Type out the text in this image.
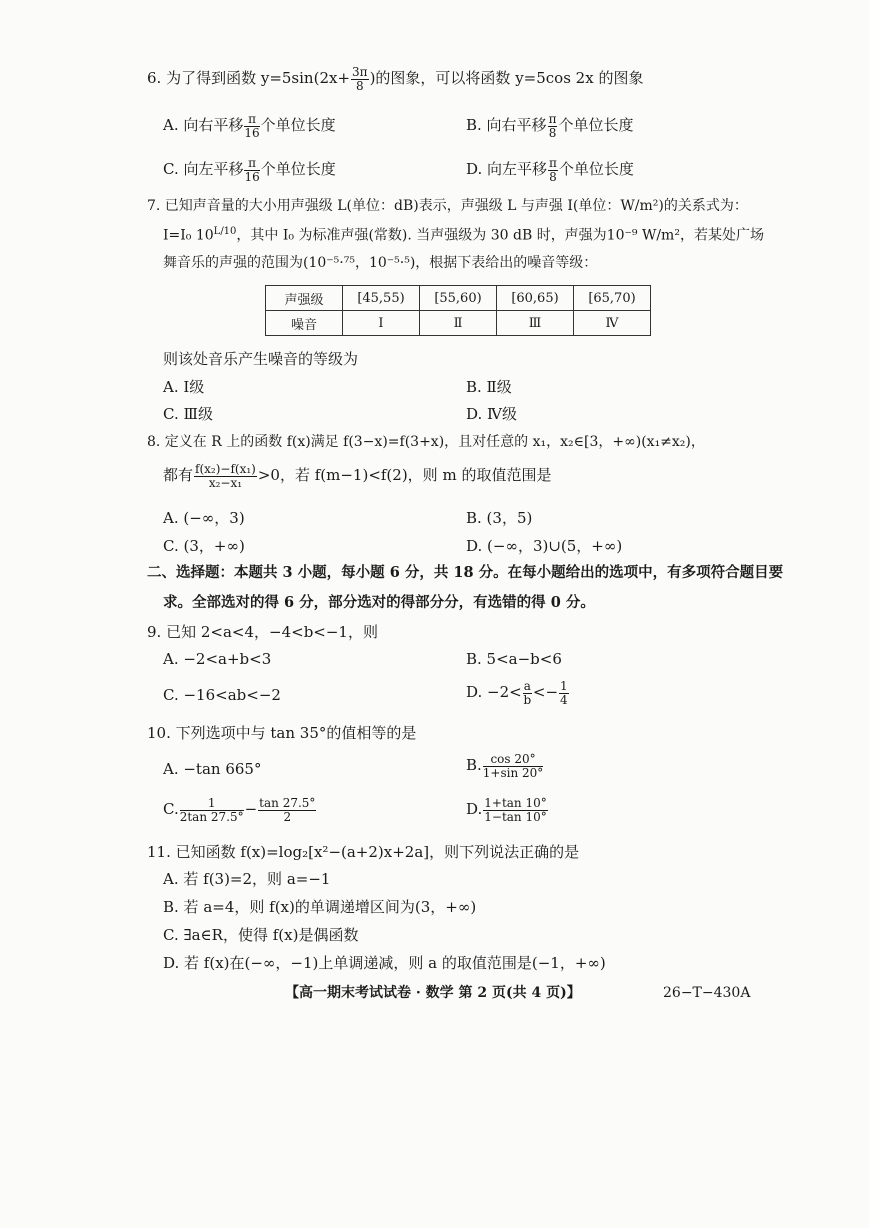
6. 为了得到函数 $y=5\sin(2x+ \frac{3\pi}{8}$ )的图象，可以将函数 y=5cos 2x 的图象
A. 向右平移 $\frac{\pi}{16}$ 个单位长度	B. 向右平移 $\frac{\pi}{8}$ 个单位长度
C. 向左平移 $\frac{\pi}{16}$ 个单位长度	D. 向左平移 $\frac{\pi}{8}$ 个单位长度
7. 已知声音量的大小用声强级 L(单位：dB)表示，声强级 L 与声强 I(单位：W/m²)的关系式为：
I=I₀ $10^{L/10}$，其中 I₀ 为标准声强(常数). 当声强级为 30 dB 时，声强为10⁻⁹ W/m²，若某处广场
舞音乐的声强的范围为(10⁻⁵·⁷⁵，10⁻⁵·⁵)，根据下表给出的噪音等级：
声强级	[45,55)	[55,60)	[60,65)	[65,70)
噪音	Ⅰ	Ⅱ	Ⅲ	Ⅳ
则该处音乐产生噪音的等级为
A. Ⅰ级	B. Ⅱ级
C. Ⅲ级	D. Ⅳ级
8. 定义在 R 上的函数 f(x)满足 f(3−x)=f(3+x)，且对任意的 x₁，x₂∈[3，+∞)(x₁≠x₂)，
都有 $\frac{\text{f(x₂)−f(x₁)}}{\text{x₂−x₁}} >0$，若 f(m−1)<f(2)，则 m 的取值范围是
A. (−∞，3)	B. (3，5)
C. (3，+∞)	D. (−∞，3)∪(5，+∞)
二、选择题：本题共 3 小题，每小题 6 分，共 18 分。在每小题给出的选项中，有多项符合题目要
求。全部选对的得 6 分，部分选对的得部分分，有选错的得 0 分。
9. 已知 2<a<4，−4<b<−1，则
A. −2<a+b<3	B. 5<a−b<6
C. −16<ab<−2	D. $-2< \frac{a}{b} <- \frac{1}{4}$
10. 下列选项中与 tan 35°的值相等的是
A. −tan 665°	B. $\frac{\cos 20^\circ}{1+\sin 20^\circ}$
C. $\frac{1}{2\tan 27.5^\circ} - \frac{\tan 27.5^\circ}{2}$	D. $\frac{1+\tan 10^\circ}{1-\tan 10^\circ}$
11. 已知函数 f(x)=log₂[x²−(a+2)x+2a]，则下列说法正确的是
A. 若 f(3)=2，则 a=−1
B. 若 a=4，则 f(x)的单调递增区间为(3，+∞)
C. ∃a∈R，使得 f(x)是偶函数
D. 若 f(x)在(−∞，−1)上单调递减，则 a 的取值范围是(−1，+∞)
【高一期末考试试卷 · 数学 第 2 页(共 4 页)】	26−T−430A
